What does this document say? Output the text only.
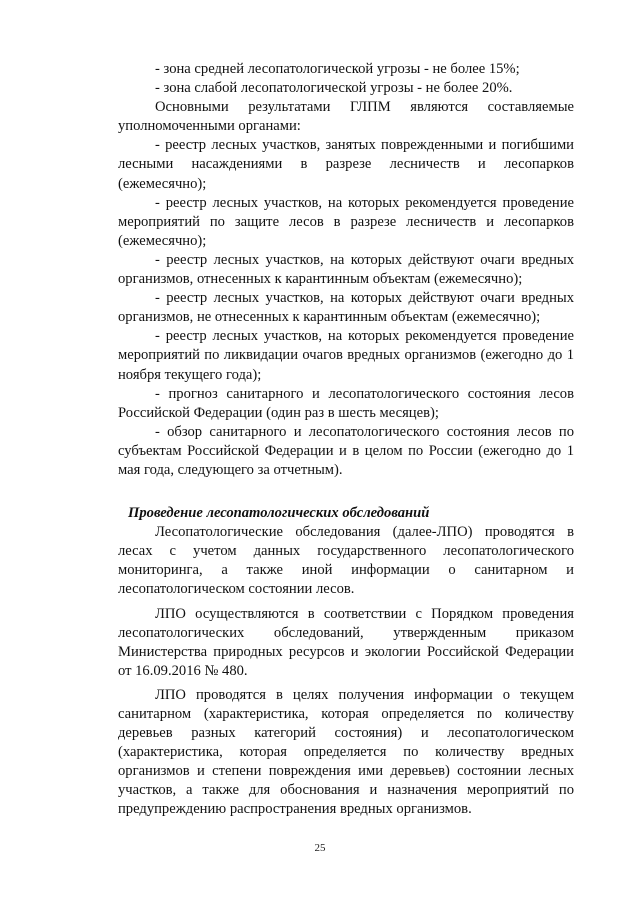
- зона средней лесопатологической угрозы - не более 15%;

- зона слабой лесопатологической угрозы - не более 20%.

Основными результатами ГЛПМ являются составляемые уполномоченными органами:

- реестр лесных участков, занятых поврежденными и погибшими лесными насаждениями в разрезе лесничеств и лесопарков (ежемесячно);

- реестр лесных участков, на которых рекомендуется проведение мероприятий по защите лесов в разрезе лесничеств и лесопарков (ежемесячно);

- реестр лесных участков, на которых действуют очаги вредных организмов, отнесенных к карантинным объектам (ежемесячно);

- реестр лесных участков, на которых действуют очаги вредных организмов, не отнесенных к карантинным объектам (ежемесячно);

- реестр лесных участков, на которых рекомендуется проведение мероприятий по ликвидации очагов вредных организмов (ежегодно до 1 ноября текущего года);

- прогноз санитарного и лесопатологического состояния лесов Российской Федерации (один раз в шесть месяцев);

- обзор санитарного и лесопатологического состояния лесов по субъектам Российской Федерации и в целом по России (ежегодно до 1 мая года, следующего за отчетным).

Проведение лесопатологических обследований

Лесопатологические обследования (далее-ЛПО) проводятся в лесах с учетом данных государственного лесопатологического мониторинга, а также иной информации о санитарном и лесопатологическом состоянии лесов.

ЛПО осуществляются в соответствии с Порядком проведения лесопатологических обследований, утвержденным приказом Министерства природных ресурсов и экологии Российской Федерации от 16.09.2016 № 480.

ЛПО проводятся в целях получения информации о текущем санитарном (характеристика, которая определяется по количеству деревьев разных категорий состояния) и лесопатологическом (характеристика, которая определяется по количеству вредных организмов и степени повреждения ими деревьев) состоянии лесных участков, а также для обоснования и назначения мероприятий по предупреждению распространения вредных организмов.

25
